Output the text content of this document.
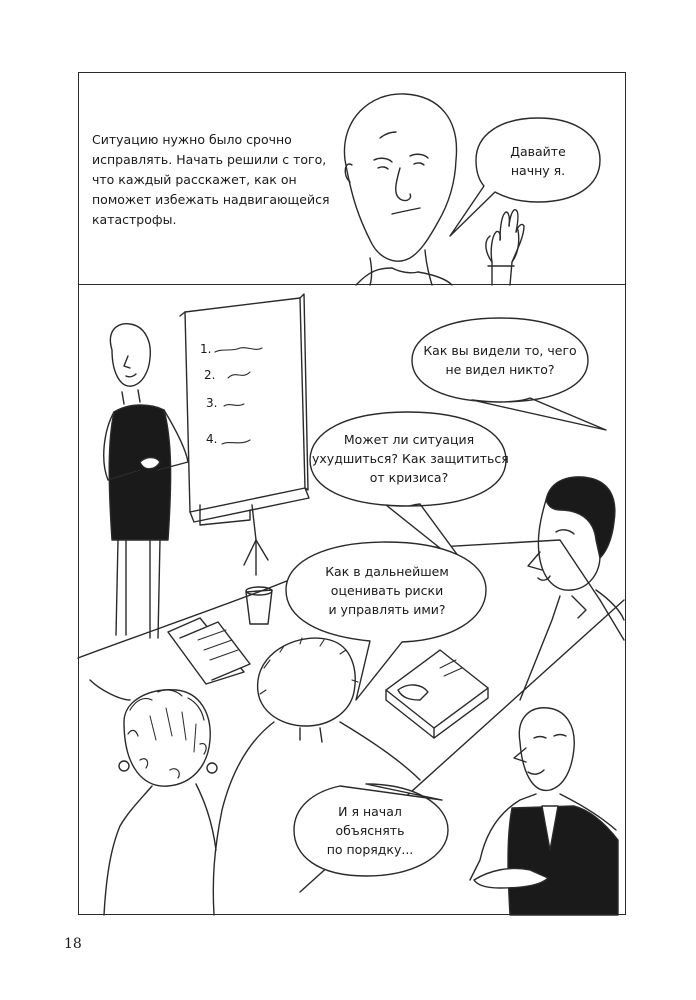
Ситуацию нужно было срочно
исправлять. Начать решили с того,
что каждый расскажет, как он
поможет избежать надвигающейся
катастрофы.
Давайте
начну я.
1.
2.
3.
4.
Как вы видели то, чего
не видел никто?
Может ли ситуация
ухудшиться? Как защититься
от кризиса?
Как в дальнейшем
оценивать риски
и управлять ими?
И я начал
объяснять
по порядку...
18
